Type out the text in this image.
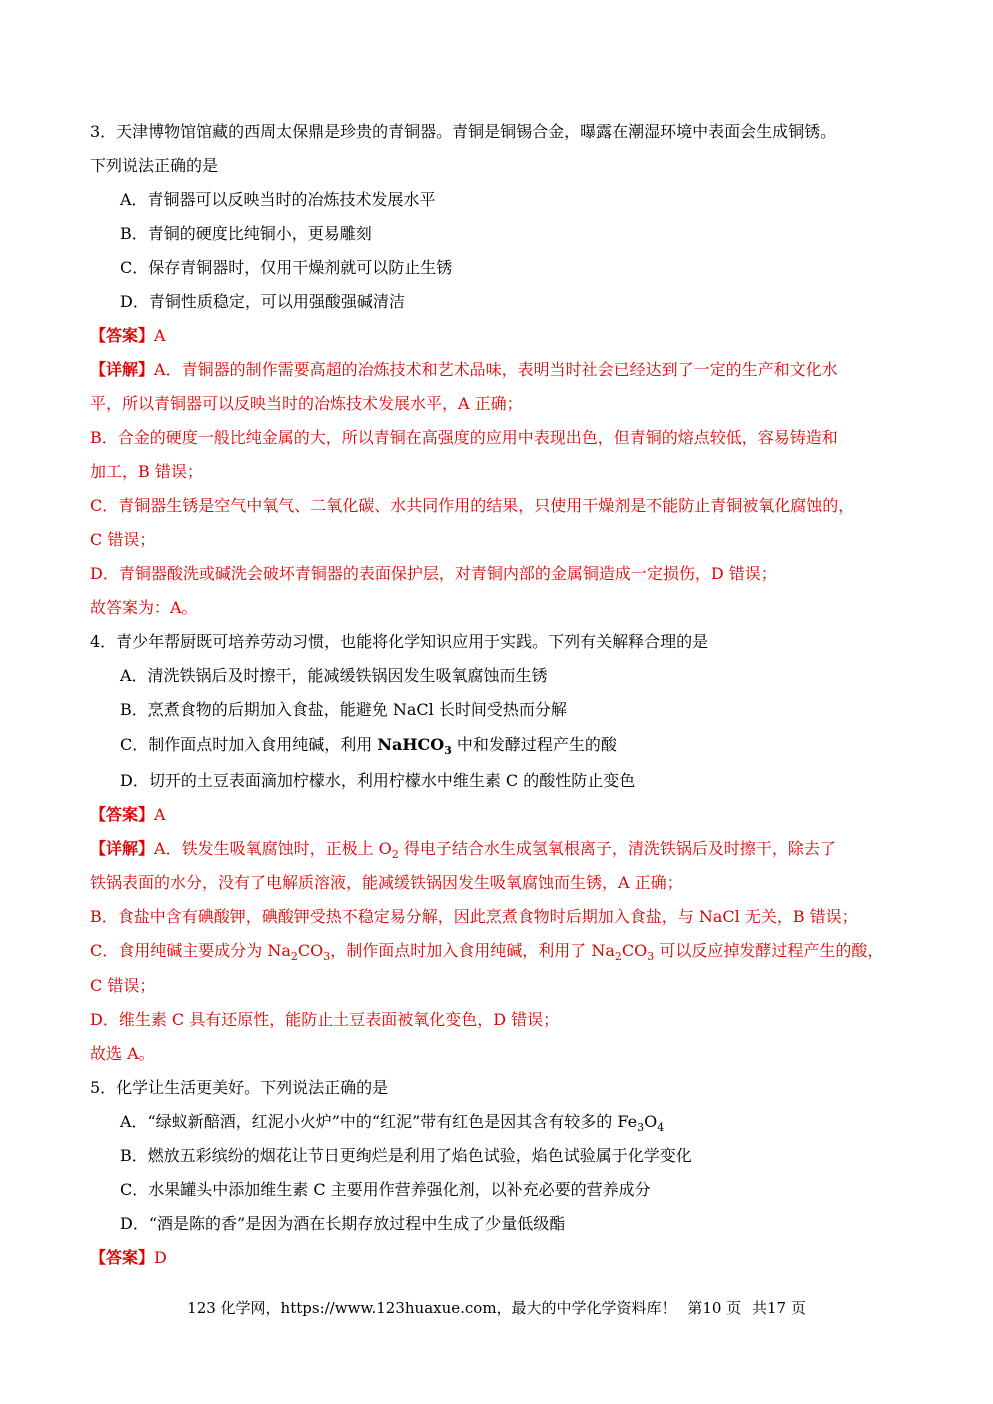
3．天津博物馆馆藏的西周太保鼎是珍贵的青铜器。青铜是铜锡合金，曝露在潮湿环境中表面会生成铜锈。
下列说法正确的是
A．青铜器可以反映当时的冶炼技术发展水平
B．青铜的硬度比纯铜小，更易雕刻
C．保存青铜器时，仅用干燥剂就可以防止生锈
D．青铜性质稳定，可以用强酸强碱清洁
【答案】A
【详解】A．青铜器的制作需要高超的冶炼技术和艺术品味，表明当时社会已经达到了一定的生产和文化水
平，所以青铜器可以反映当时的冶炼技术发展水平，A 正确；
B．合金的硬度一般比纯金属的大，所以青铜在高强度的应用中表现出色，但青铜的熔点较低，容易铸造和
加工，B 错误；
C．青铜器生锈是空气中氧气、二氧化碳、水共同作用的结果，只使用干燥剂是不能防止青铜被氧化腐蚀的，
C 错误；
D．青铜器酸洗或碱洗会破坏青铜器的表面保护层，对青铜内部的金属铜造成一定损伤，D 错误；
故答案为：A。
4．青少年帮厨既可培养劳动习惯，也能将化学知识应用于实践。下列有关解释合理的是
A．清洗铁锅后及时擦干，能减缓铁锅因发生吸氧腐蚀而生锈
B．烹煮食物的后期加入食盐，能避免 NaCl 长时间受热而分解
C．制作面点时加入食用纯碱，利用 NaHCO$_3$ 中和发酵过程产生的酸
D．切开的土豆表面滴加柠檬水，利用柠檬水中维生素 C 的酸性防止变色
【答案】A
【详解】A．铁发生吸氧腐蚀时，正极上 $O_2$ 得电子结合水生成氢氧根离子，清洗铁锅后及时擦干，除去了
铁锅表面的水分，没有了电解质溶液，能减缓铁锅因发生吸氧腐蚀而生锈，A 正确；
B．食盐中含有碘酸钾，碘酸钾受热不稳定易分解，因此烹煮食物时后期加入食盐，与 NaCl 无关，B 错误；
C．食用纯碱主要成分为 $Na_2CO_3$，制作面点时加入食用纯碱，利用了 $Na_2CO_3$ 可以反应掉发酵过程产生的酸，
C 错误；
D．维生素 C 具有还原性，能防止土豆表面被氧化变色，D 错误；
故选 A。
5．化学让生活更美好。下列说法正确的是
A．“绿蚁新醅酒，红泥小火炉”中的“红泥”带有红色是因其含有较多的 $Fe_3O_4$
B．燃放五彩缤纷的烟花让节日更绚烂是利用了焰色试验，焰色试验属于化学变化
C．水果罐头中添加维生素 C 主要用作营养强化剂，以补充必要的营养成分
D．“酒是陈的香”是因为酒在长期存放过程中生成了少量低级酯
【答案】D
123 化学网，https://www.123huaxue.com，最大的中学化学资料库！ 第10 页 共17 页
